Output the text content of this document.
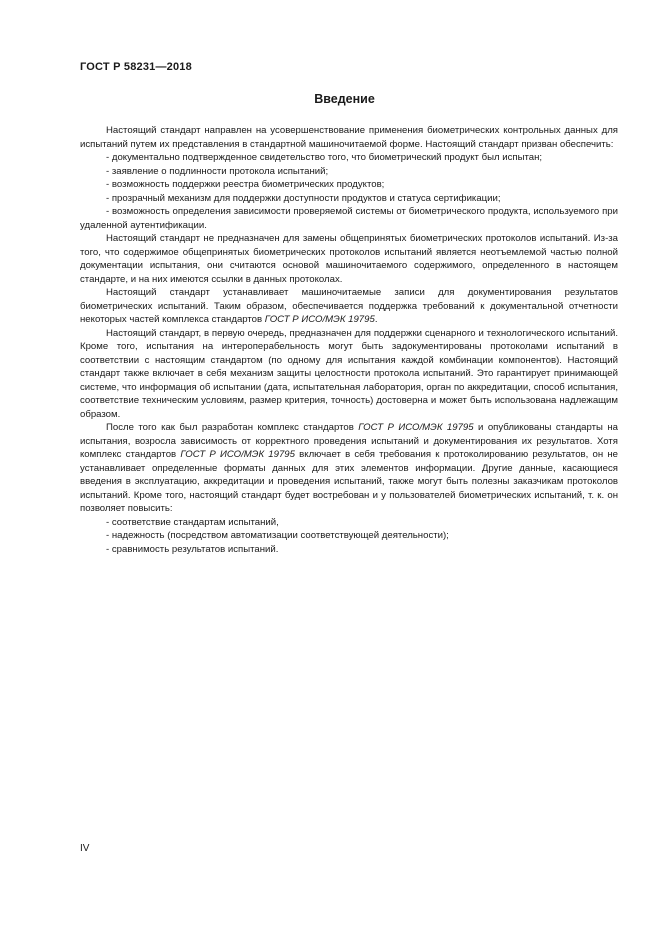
ГОСТ Р 58231—2018
Введение

Настоящий стандарт направлен на усовершенствование применения биометрических контрольных данных для испытаний путем их представления в стандартной машиночитаемой форме. Настоящий стандарт призван обеспечить:

- документально подтвержденное свидетельство того, что биометрический продукт был испытан;

- заявление о подлинности протокола испытаний;

- возможность поддержки реестра биометрических продуктов;

- прозрачный механизм для поддержки доступности продуктов и статуса сертификации;

- возможность определения зависимости проверяемой системы от биометрического продукта, используемого при удаленной аутентификации.

Настоящий стандарт не предназначен для замены общепринятых биометрических протоколов испытаний. Из-за того, что содержимое общепринятых биометрических протоколов испытаний является неотъемлемой частью полной документации испытания, они считаются основой машиночитаемого содержимого, определенного в настоящем стандарте, и на них имеются ссылки в данных протоколах.

Настоящий стандарт устанавливает машиночитаемые записи для документирования результатов биометрических испытаний. Таким образом, обеспечивается поддержка требований к документальной отчетности некоторых частей комплекса стандартов ГОСТ Р ИСО/МЭК 19795.

Настоящий стандарт, в первую очередь, предназначен для поддержки сценарного и технологического испытаний. Кроме того, испытания на интероперабельность могут быть задокументированы протоколами испытаний в соответствии с настоящим стандартом (по одному для испытания каждой комбинации компонентов). Настоящий стандарт также включает в себя механизм защиты целостности протокола испытаний. Это гарантирует принимающей системе, что информация об испытании (дата, испытательная лаборатория, орган по аккредитации, способ испытания, соответствие техническим условиям, размер критерия, точность) достоверна и может быть использована надлежащим образом.

После того как был разработан комплекс стандартов ГОСТ Р ИСО/МЭК 19795 и опубликованы стандарты на испытания, возросла зависимость от корректного проведения испытаний и документирования их результатов. Хотя комплекс стандартов ГОСТ Р ИСО/МЭК 19795 включает в себя требования к протоколированию результатов, он не устанавливает определенные форматы данных для этих элементов информации. Другие данные, касающиеся введения в эксплуатацию, аккредитации и проведения испытаний, также могут быть полезны заказчикам протоколов испытаний. Кроме того, настоящий стандарт будет востребован и у пользователей биометрических испытаний, т. к. он позволяет повысить:

- соответствие стандартам испытаний,

- надежность (посредством автоматизации соответствующей деятельности);

- сравнимость результатов испытаний.

IV
